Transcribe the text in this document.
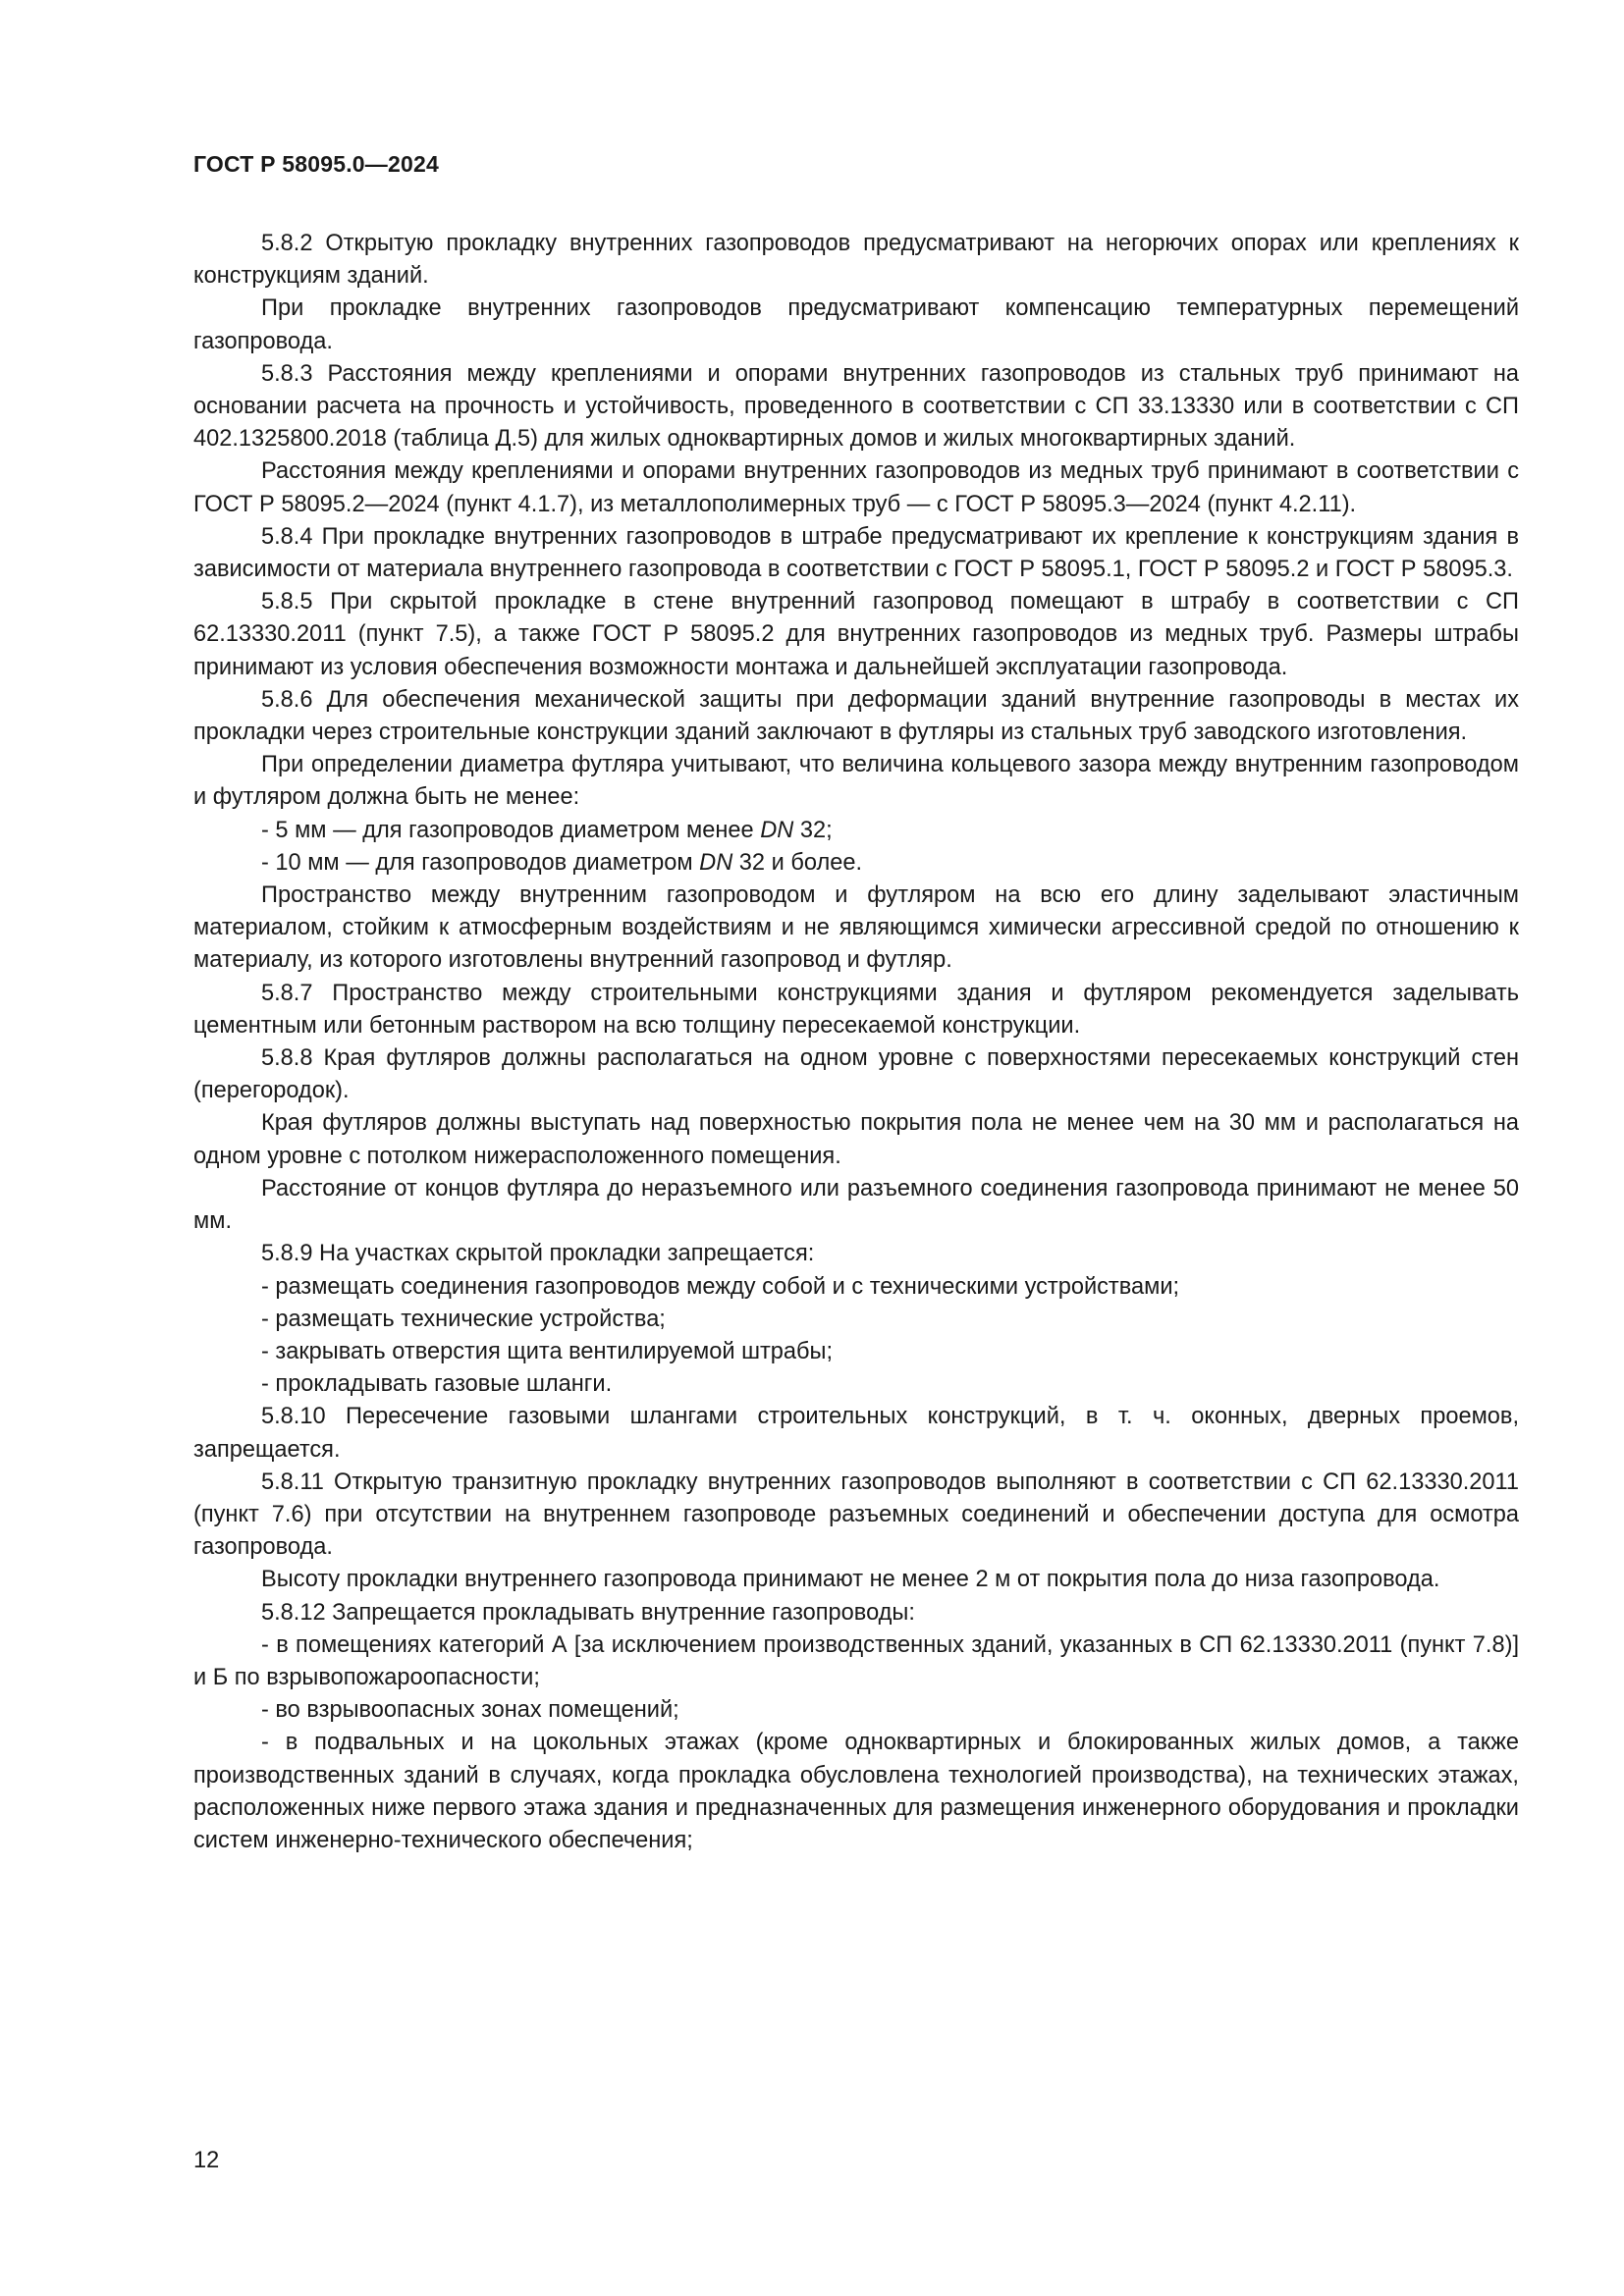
ГОСТ Р 58095.0—2024

5.8.2 Открытую прокладку внутренних газопроводов предусматривают на негорючих опорах или креплениях к конструкциям зданий.

При прокладке внутренних газопроводов предусматривают компенсацию температурных перемещений газопровода.

5.8.3 Расстояния между креплениями и опорами внутренних газопроводов из стальных труб принимают на основании расчета на прочность и устойчивость, проведенного в соответствии с СП 33.13330 или в соответствии с СП 402.1325800.2018 (таблица Д.5) для жилых одноквартирных домов и жилых многоквартирных зданий.

Расстояния между креплениями и опорами внутренних газопроводов из медных труб принимают в соответствии с ГОСТ Р 58095.2—2024 (пункт 4.1.7), из металлополимерных труб — с ГОСТ Р 58095.3—2024 (пункт 4.2.11).

5.8.4 При прокладке внутренних газопроводов в штрабе предусматривают их крепление к конструкциям здания в зависимости от материала внутреннего газопровода в соответствии с ГОСТ Р 58095.1, ГОСТ Р 58095.2 и ГОСТ Р 58095.3.

5.8.5 При скрытой прокладке в стене внутренний газопровод помещают в штрабу в соответствии с СП 62.13330.2011 (пункт 7.5), а также ГОСТ Р 58095.2 для внутренних газопроводов из медных труб. Размеры штрабы принимают из условия обеспечения возможности монтажа и дальнейшей эксплуатации газопровода.

5.8.6 Для обеспечения механической защиты при деформации зданий внутренние газопроводы в местах их прокладки через строительные конструкции зданий заключают в футляры из стальных труб заводского изготовления.

При определении диаметра футляра учитывают, что величина кольцевого зазора между внутренним газопроводом и футляром должна быть не менее:

- 5 мм — для газопроводов диаметром менее DN 32;

- 10 мм — для газопроводов диаметром DN 32 и более.

Пространство между внутренним газопроводом и футляром на всю его длину заделывают эластичным материалом, стойким к атмосферным воздействиям и не являющимся химически агрессивной средой по отношению к материалу, из которого изготовлены внутренний газопровод и футляр.

5.8.7 Пространство между строительными конструкциями здания и футляром рекомендуется заделывать цементным или бетонным раствором на всю толщину пересекаемой конструкции.

5.8.8 Края футляров должны располагаться на одном уровне с поверхностями пересекаемых конструкций стен (перегородок).

Края футляров должны выступать над поверхностью покрытия пола не менее чем на 30 мм и располагаться на одном уровне с потолком нижерасположенного помещения.

Расстояние от концов футляра до неразъемного или разъемного соединения газопровода принимают не менее 50 мм.

5.8.9 На участках скрытой прокладки запрещается:

- размещать соединения газопроводов между собой и с техническими устройствами;

- размещать технические устройства;

- закрывать отверстия щита вентилируемой штрабы;

- прокладывать газовые шланги.

5.8.10 Пересечение газовыми шлангами строительных конструкций, в т. ч. оконных, дверных проемов, запрещается.

5.8.11 Открытую транзитную прокладку внутренних газопроводов выполняют в соответствии с СП 62.13330.2011 (пункт 7.6) при отсутствии на внутреннем газопроводе разъемных соединений и обеспечении доступа для осмотра газопровода.

Высоту прокладки внутреннего газопровода принимают не менее 2 м от покрытия пола до низа газопровода.

5.8.12 Запрещается прокладывать внутренние газопроводы:

- в помещениях категорий А [за исключением производственных зданий, указанных в СП 62.13330.2011 (пункт 7.8)] и Б по взрывопожароопасности;

- во взрывоопасных зонах помещений;

- в подвальных и на цокольных этажах (кроме одноквартирных и блокированных жилых домов, а также производственных зданий в случаях, когда прокладка обусловлена технологией производства), на технических этажах, расположенных ниже первого этажа здания и предназначенных для размещения инженерного оборудования и прокладки систем инженерно-технического обеспечения;

12
